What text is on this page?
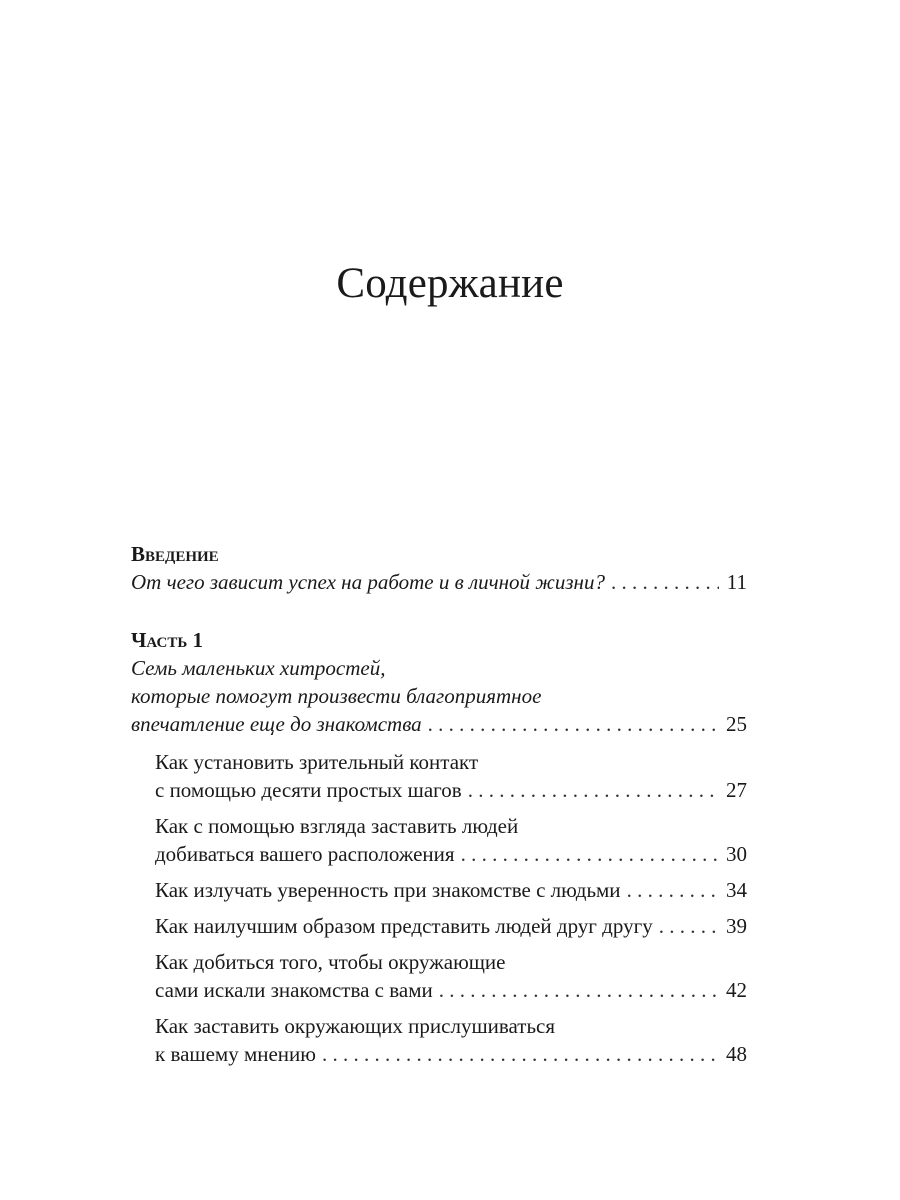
Содержание
Введение
От чего зависит успех на работе и в личной жизни? . . .	11
Часть 1
Семь маленьких хитростей,
которые помогут произвести благоприятное
впечатление еще до знакомства . . .	25
Как установить зрительный контакт
с помощью десяти простых шагов . . .	27
Как с помощью взгляда заставить людей
добиваться вашего расположения . . .	30
Как излучать уверенность при знакомстве с людьми . . .	34
Как наилучшим образом представить людей друг другу . . .	39
Как добиться того, чтобы окружающие
сами искали знакомства с вами . . .	42
Как заставить окружающих прислушиваться
к вашему мнению . . .	48
